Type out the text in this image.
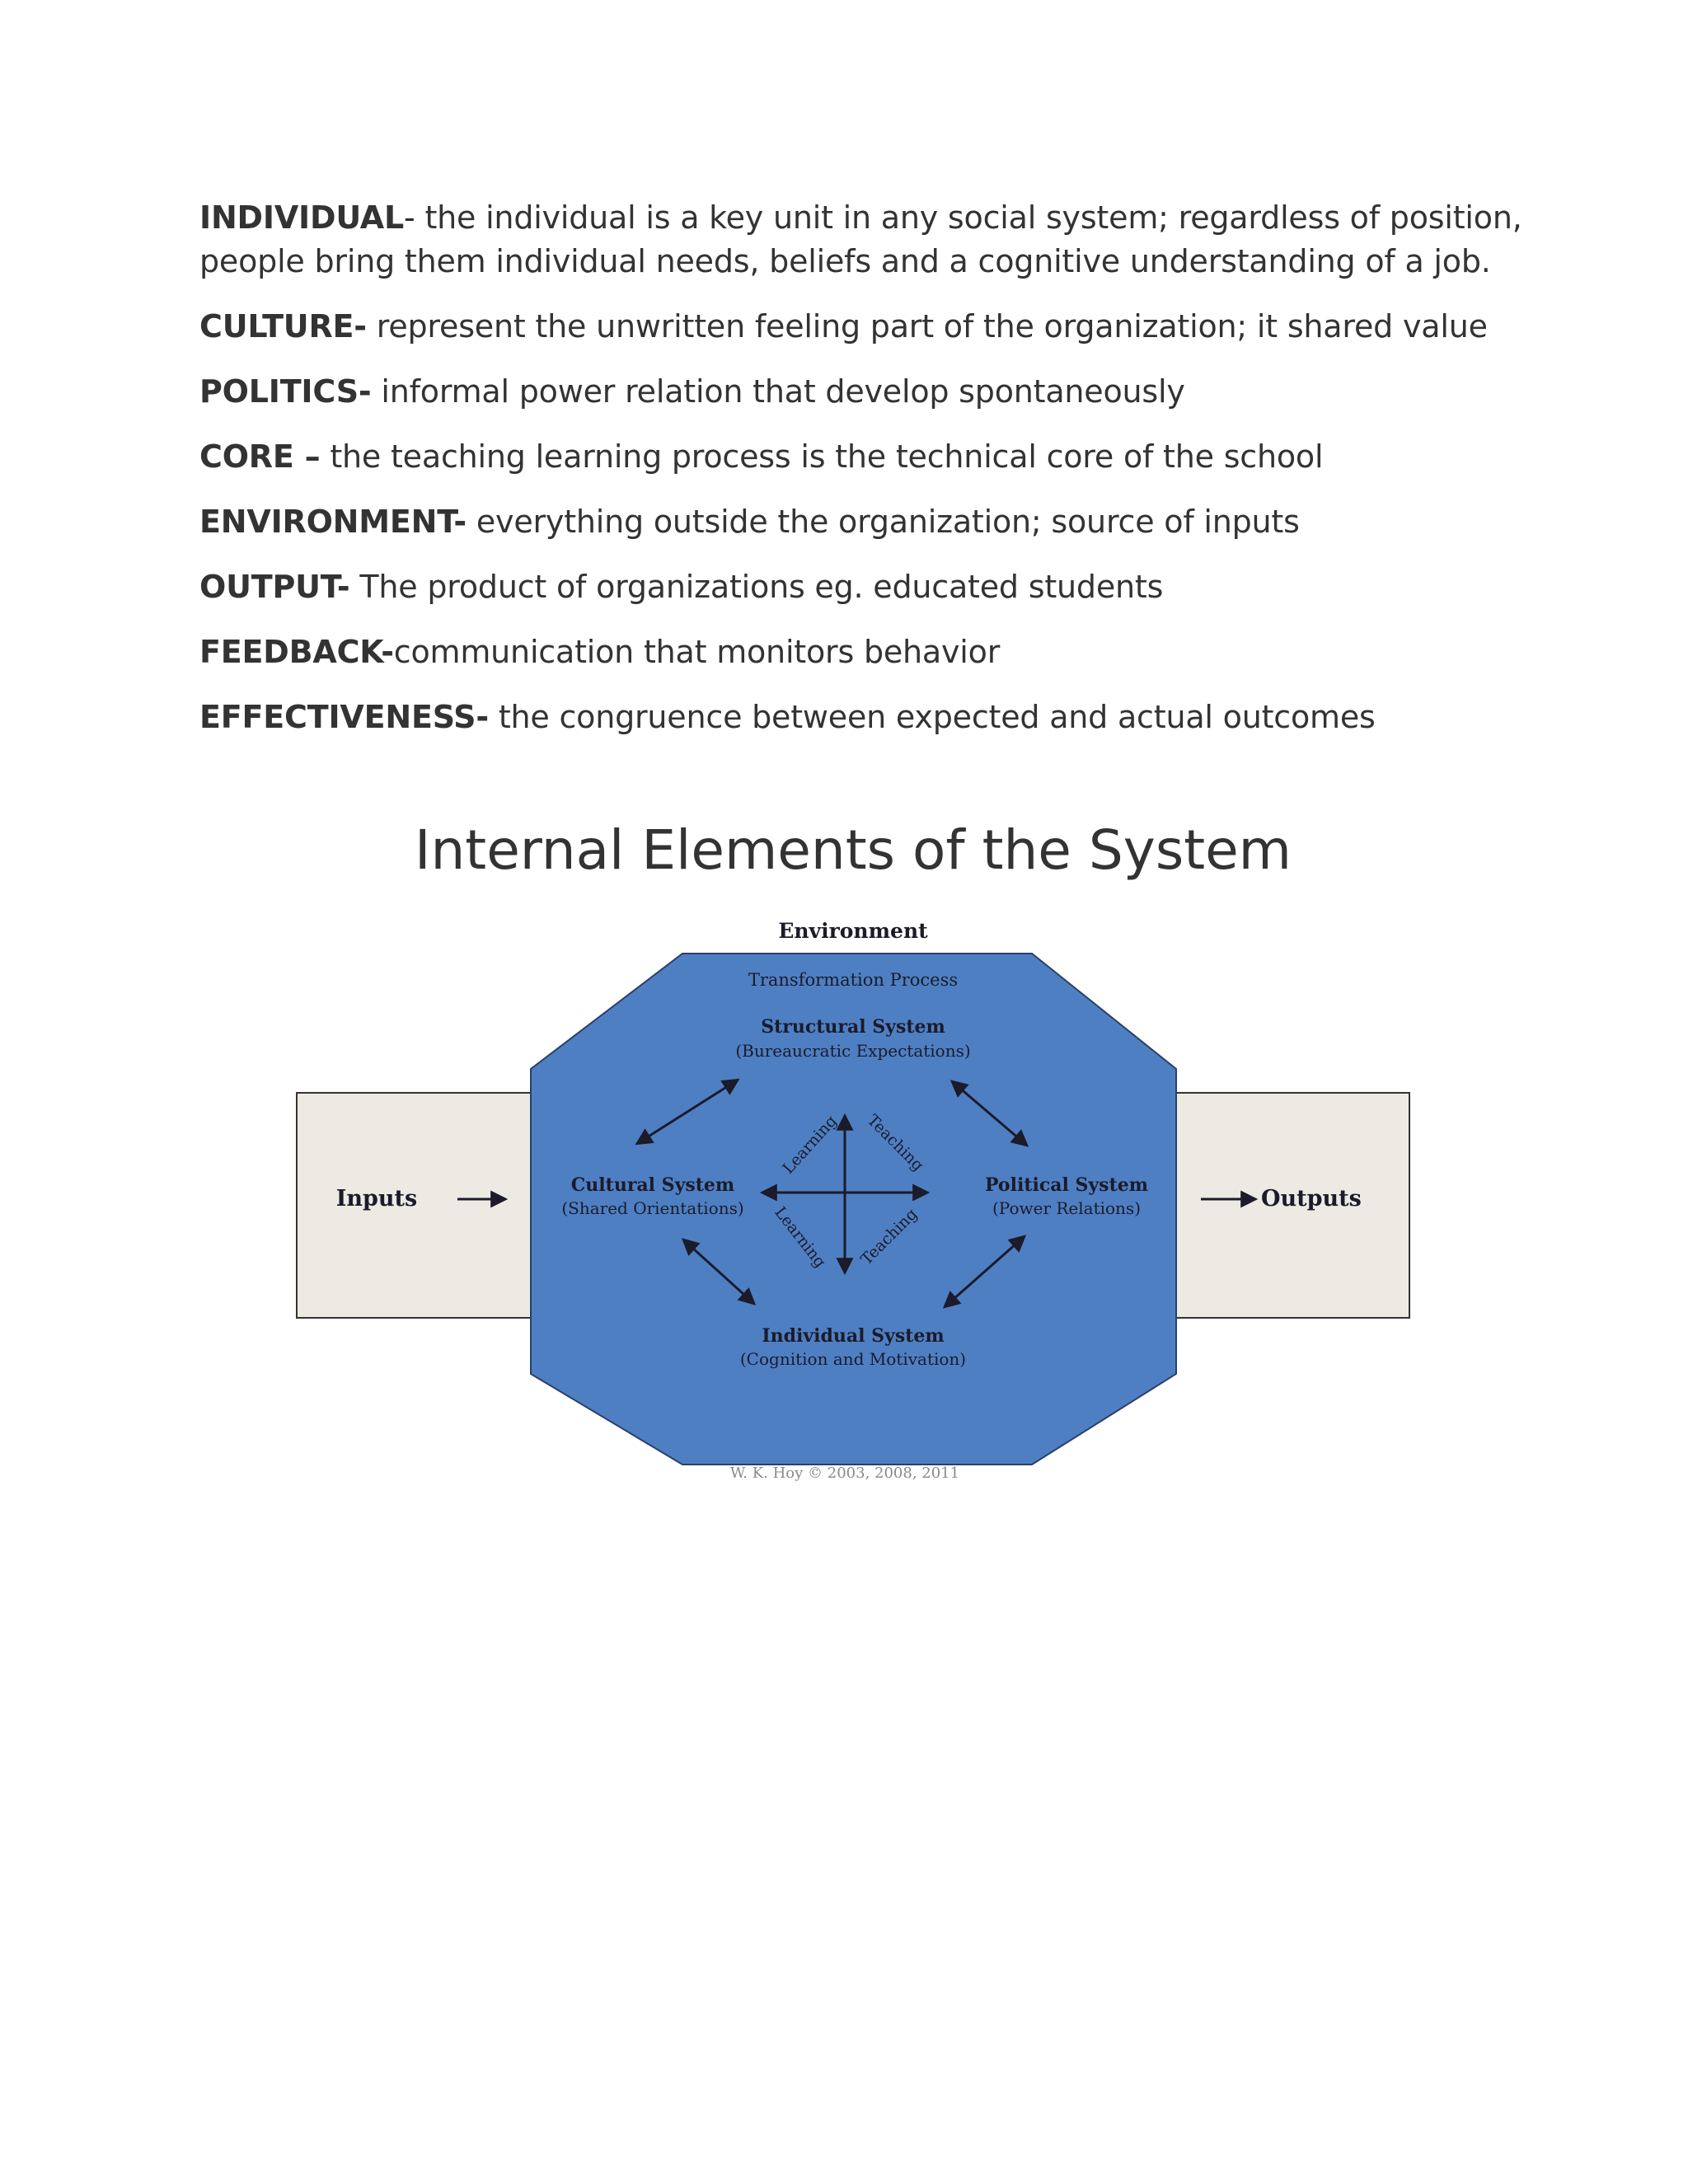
INDIVIDUAL- the individual is a key unit in any social system; regardless of position, people bring them individual needs, beliefs and a cognitive understanding of a job.

CULTURE- represent the unwritten feeling part of the organization; it shared value

POLITICS- informal power relation that develop spontaneously

CORE – the teaching learning process is the technical core of the school

ENVIRONMENT- everything outside the organization; source of inputs

OUTPUT- The product of organizations eg. educated students

FEEDBACK-communication that monitors behavior

EFFECTIVENESS- the congruence between expected and actual outcomes

Internal Elements of the System
Environment
Transformation Process
Structural System
(Bureaucratic Expectations)
Cultural System
(Shared Orientations)
Political System
(Power Relations)
Individual System
(Cognition and Motivation)
Inputs	Outputs
Learning Teaching
Learning Teaching
W. K. Hoy © 2003, 2008, 2011
